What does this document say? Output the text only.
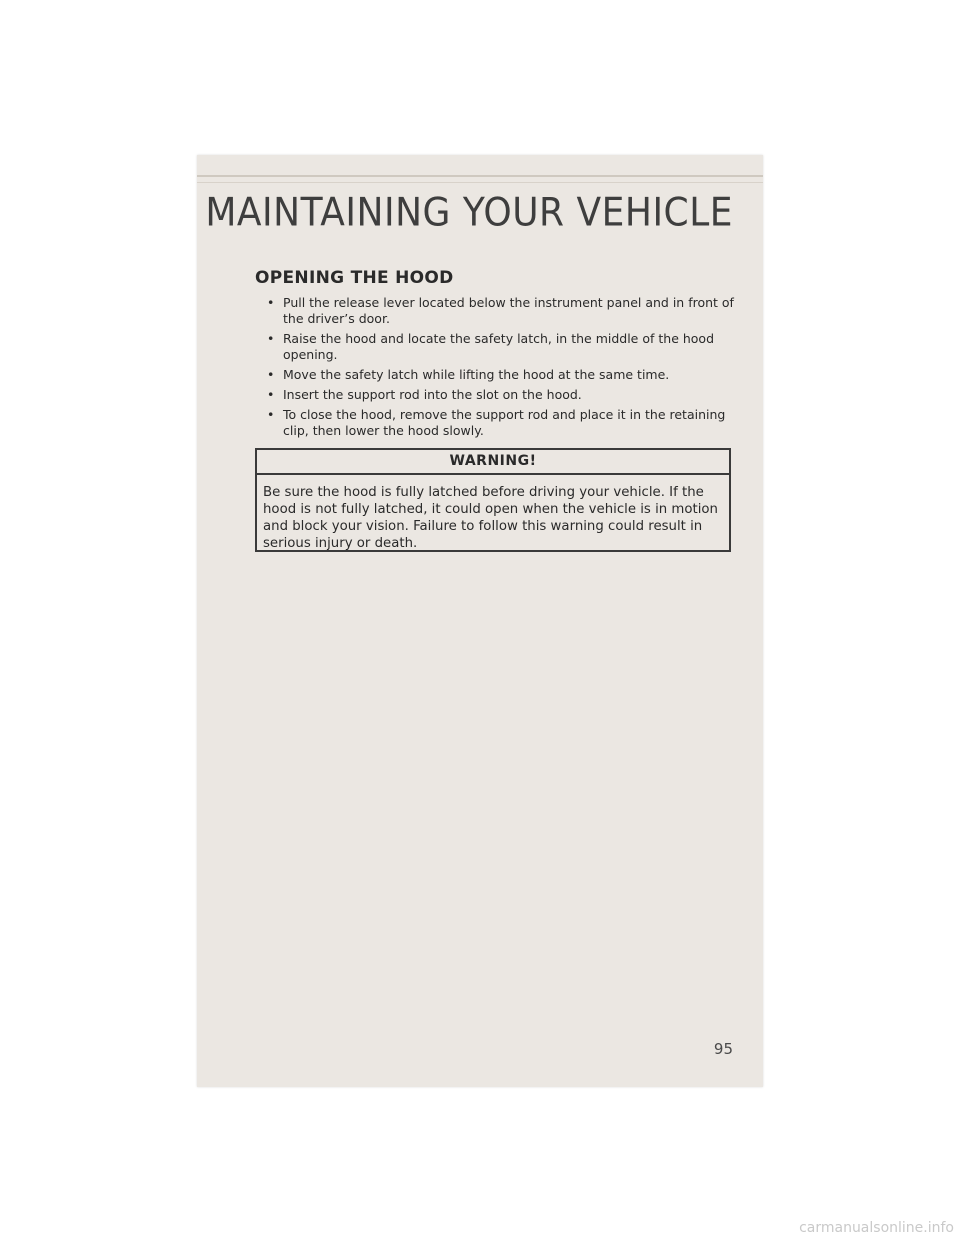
MAINTAINING YOUR VEHICLE
OPENING THE HOOD
• Pull the release lever located below the instrument panel and in front of the driver’s door.
• Raise the hood and locate the safety latch, in the middle of the hood opening.
• Move the safety latch while lifting the hood at the same time.
• Insert the support rod into the slot on the hood.
• To close the hood, remove the support rod and place it in the retaining clip, then lower the hood slowly.
WARNING!
Be sure the hood is fully latched before driving your vehicle. If the hood is not fully latched, it could open when the vehicle is in motion and block your vision. Failure to follow this warning could result in serious injury or death.
95
carmanualsonline.info
